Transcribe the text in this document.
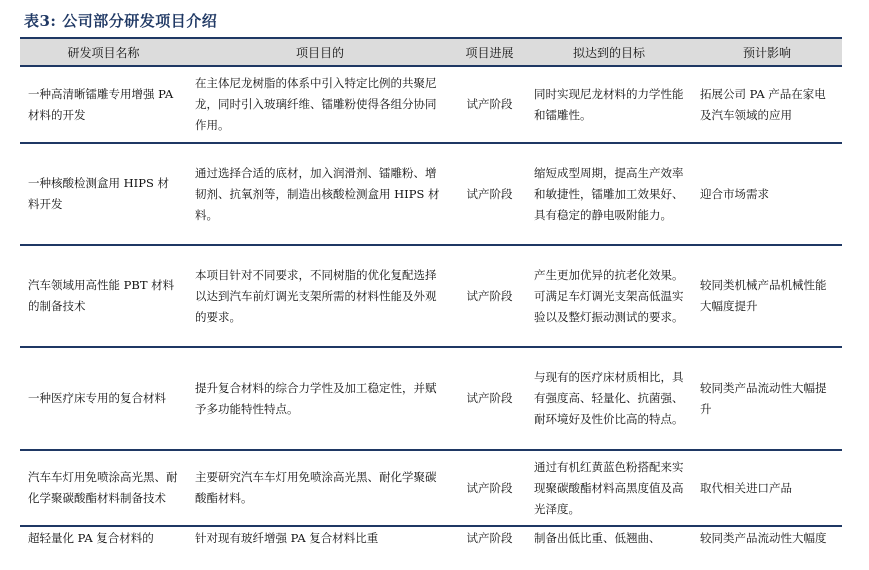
表3: 公司部分研发项目介绍
研发项目名称	项目目的	项目进展	拟达到的目标	预计影响
一种高清晰镭雕专用增强 PA 材料的开发	在主体尼龙树脂的体系中引入特定比例的共聚尼龙，同时引入玻璃纤维、镭雕粉使得各组分协同作用。	试产阶段	同时实现尼龙材料的力学性能和镭雕性。	拓展公司 PA 产品在家电及汽车领域的应用
一种核酸检测盒用 HIPS 材料开发	通过选择合适的底材，加入润滑剂、镭雕粉、增韧剂、抗氧剂等，制造出核酸检测盒用 HIPS 材料。	试产阶段	缩短成型周期，提高生产效率和敏捷性，镭雕加工效果好、具有稳定的静电吸附能力。	迎合市场需求
汽车领域用高性能 PBT 材料的制备技术	本项目针对不同要求，不同树脂的优化复配选择以达到汽车前灯调光支架所需的材料性能及外观的要求。	试产阶段	产生更加优异的抗老化效果。可满足车灯调光支架高低温实验以及整灯振动测试的要求。	较同类机械产品机械性能大幅度提升
一种医疗床专用的复合材料	提升复合材料的综合力学性及加工稳定性，并赋予多功能特性特点。	试产阶段	与现有的医疗床材质相比，具有强度高、轻量化、抗菌强、耐环境好及性价比高的特点。	较同类产品流动性大幅提升
汽车车灯用免喷涂高光黑、耐化学聚碳酸酯材料制备技术	主要研究汽车车灯用免喷涂高光黑、耐化学聚碳酸酯材料。	试产阶段	通过有机红黄蓝色粉搭配来实现聚碳酸酯材料高黑度值及高光泽度。	取代相关进口产品
超轻量化 PA 复合材料的	针对现有玻纤增强 PA 复合材料比重	试产阶段	制备出低比重、低翘曲、	较同类产品流动性大幅度
